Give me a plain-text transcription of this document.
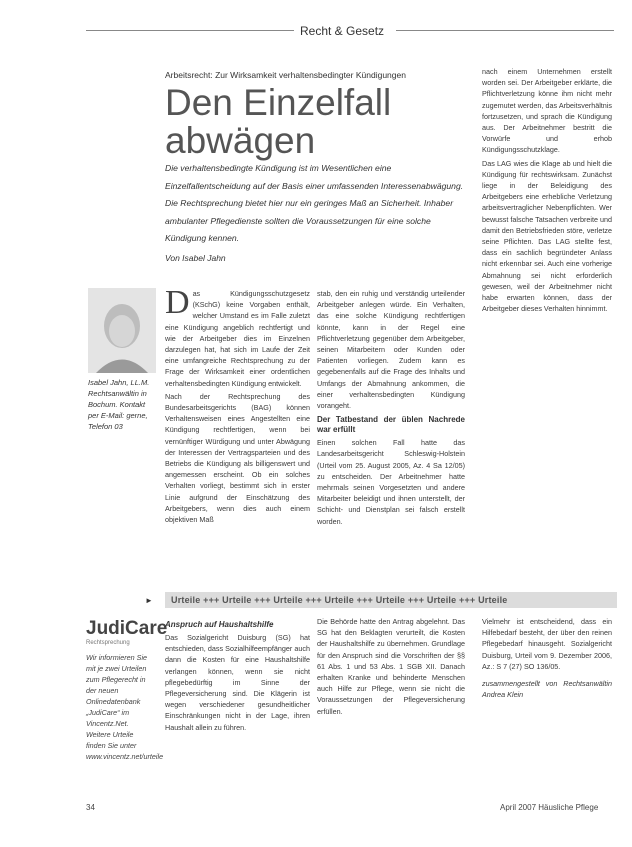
Recht & Gesetz
Arbeitsrecht: Zur Wirksamkeit verhaltensbedingter Kündigungen
Den Einzelfall
abwägen
Die verhaltensbedingte Kündigung ist im Wesentlichen eine Einzelfallentscheidung auf der Basis einer umfassenden Interessenabwägung. Die Rechtsprechung bietet hier nur ein geringes Maß an Sicherheit. Inhaber ambulanter Pflegedienste sollten die Voraussetzungen für eine solche Kündigung kennen.
Von Isabel Jahn
Isabel Jahn, LL.M. Rechtsanwältin in Bochum. Kontakt per E-Mail: gerne, Telefon 03

Das Kündigungsschutzgesetz (KSchG) keine Vorgaben enthält, welcher Umstand es im Falle zuletzt eine Kündigung angeblich rechtfertigt und wie der Arbeitgeber dies im Einzelnen darzulegen hat, hat sich im Laufe der Zeit eine umfangreiche Rechtsprechung zu der Frage der Wirksamkeit einer ordentlichen verhaltensbedingten Kündigung entwickelt.

Nach der Rechtsprechung des Bundesarbeitsgerichts (BAG) können Verhaltensweisen eines Angestellten eine Kündigung rechtfertigen, wenn bei vernünftiger Würdigung und unter Abwägung der Interessen der Vertragsparteien und des Betriebs die Kündigung als billigenswert und angemessen erscheint. Ob ein solches Verhalten vorliegt, bestimmt sich in erster Linie aufgrund der Einschätzung des Arbeitgebers, wenn dies auch einem objektiven Maß

stab, den ein ruhig und verständig urteilender Arbeitgeber anlegen würde. Ein Verhalten, das eine solche Kündigung rechtfertigen könnte, kann in der Regel eine Pflichtverletzung gegenüber dem Arbeitgeber, seinen Mitarbeitern oder Kunden oder Patienten vorliegen. Zudem kann es gegebenenfalls auf die Frage des Inhalts und Umfangs der Abmahnung ankommen, die einer verhaltensbedingten Kündigung vorangeht.

Der Tatbestand der üblen Nachrede war erfüllt

Einen solchen Fall hatte das Landesarbeitsgericht Schleswig-Holstein (Urteil vom 25. August 2005, Az. 4 Sa 12/05) zu entscheiden. Der Arbeitnehmer hatte mehrmals seinen Vorgesetzten und andere Mitarbeiter beleidigt und ihnen unterstellt, der Schicht- und Dienstplan sei falsch erstellt worden.

nach einem Unternehmen erstellt worden sei. Der Arbeitgeber erklärte, die Pflichtverletzung könne ihm nicht mehr zugemutet werden, das Arbeitsverhältnis fortzusetzen, und sprach die Kündigung aus. Der Arbeitnehmer bestritt die Vorwürfe und erhob Kündigungsschutzklage.

Das LAG wies die Klage ab und hielt die Kündigung für rechtswirksam. Zunächst liege in der Beleidigung des Arbeitgebers eine erhebliche Verletzung arbeitsvertraglicher Nebenpflichten. Wer bewusst falsche Tatsachen verbreite und damit den Betriebsfrieden störe, verletze seine Pflichten. Das LAG stellte fest, dass ein sachlich begründeter Anlass nicht erkennbar sei. Auch eine vorherige Abmahnung sei nicht erforderlich gewesen, weil der Arbeitnehmer nicht habe erwarten können, dass der Arbeitgeber dieses Verhalten hinnimmt.

►	Urteile +++ Urteile +++ Urteile +++ Urteile +++ Urteile +++ Urteile +++ Urteile
JudiCare
Rechtsprechung
Wir informieren Sie mit je zwei Urteilen zum Pflegerecht in der neuen Onlinedatenbank „JudiCare“ im Vincentz.Net. Weitere Urteile finden Sie unter www.vincentz.net/urteile
Anspruch auf Haushaltshilfe

Das Sozialgericht Duisburg (SG) hat entschieden, dass Sozialhilfeempfänger auch dann die Kosten für eine Haushaltshilfe verlangen können, wenn sie nicht pflegebedürftig im Sinne der Pflegeversicherung sind. Die Klägerin ist wegen verschiedener gesundheitlicher Einschränkungen nicht in der Lage, ihren Haushalt allein zu führen.

Die Behörde hatte den Antrag abgelehnt. Das SG hat den Beklagten verurteilt, die Kosten der Haushaltshilfe zu übernehmen. Grundlage für den Anspruch sind die Vorschriften der §§ 61 Abs. 1 und 53 Abs. 1 SGB XII. Danach erhalten Kranke und behinderte Menschen auch Hilfe zur Pflege, wenn sie nicht die Voraussetzungen der Pflegeversicherung erfüllen.

Vielmehr ist entscheidend, dass ein Hilfebedarf besteht, der über den reinen Pflegebedarf hinausgeht. Sozialgericht Duisburg, Urteil vom 9. Dezember 2006, Az.: S 7 (27) SO 136/05.

zusammengestellt von Rechtsanwältin Andrea Klein

34	April 2007 Häusliche Pflege
